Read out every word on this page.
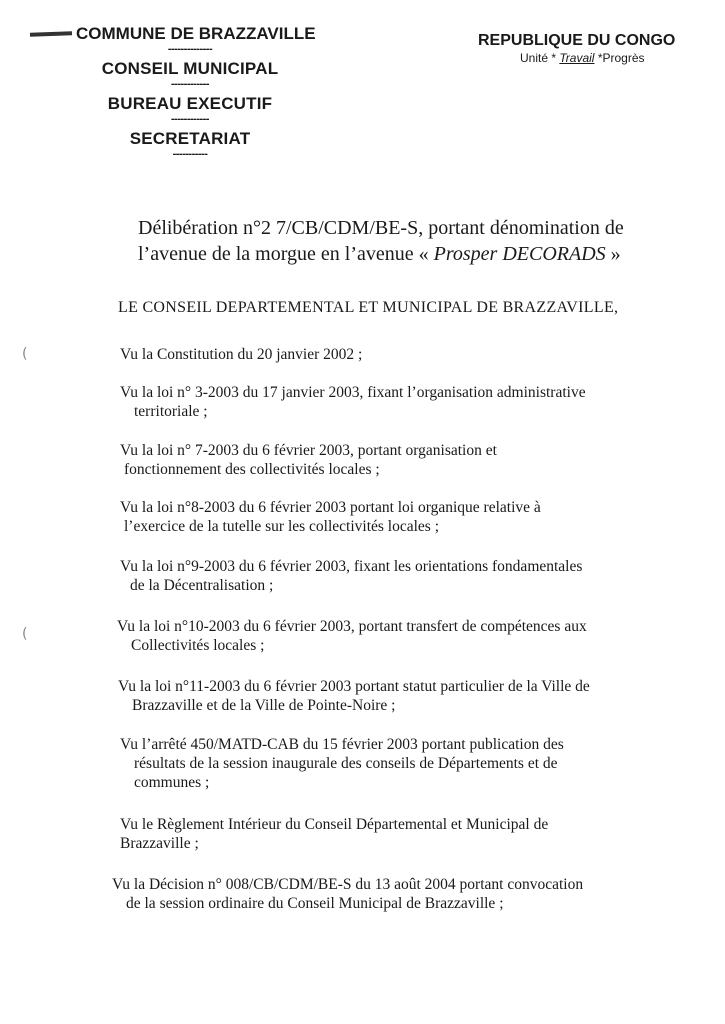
COMMUNE DE BRAZZAVILLE
--------------
CONSEIL MUNICIPAL
------------
BUREAU EXECUTIF
------------
SECRETARIAT
-----------
REPUBLIQUE DU CONGO
Unité * Travail *Progrès
Délibération n°2 7/CB/CDM/BE-S, portant dénomination de
l’avenue de la morgue en l’avenue « Prosper DECORADS »
LE CONSEIL DEPARTEMENTAL ET MUNICIPAL DE BRAZZAVILLE,
(
(
Vu la Constitution du 20 janvier 2002 ;
Vu la loi n° 3-2003 du 17 janvier 2003, fixant l’organisation administrative
territoriale ;
Vu la loi n° 7-2003 du 6 février 2003, portant organisation et
fonctionnement des collectivités locales ;
Vu la loi n°8-2003 du 6 février 2003 portant loi organique relative à
l’exercice de la tutelle sur les collectivités locales ;
Vu la loi n°9-2003 du 6 février 2003, fixant les orientations fondamentales
de la Décentralisation ;
Vu la loi n°10-2003 du 6 février 2003, portant transfert de compétences aux
Collectivités locales ;
Vu la loi n°11-2003 du 6 février 2003 portant statut particulier de la Ville de
Brazzaville et de la Ville de Pointe-Noire ;
Vu l’arrêté 450/MATD-CAB du 15 février 2003 portant publication des
résultats de la session inaugurale des conseils de Départements et de
communes ;
Vu le Règlement Intérieur du Conseil Départemental et Municipal de
Brazzaville ;
Vu la Décision n° 008/CB/CDM/BE-S du 13 août 2004 portant convocation
de la session ordinaire du Conseil Municipal de Brazzaville ;
